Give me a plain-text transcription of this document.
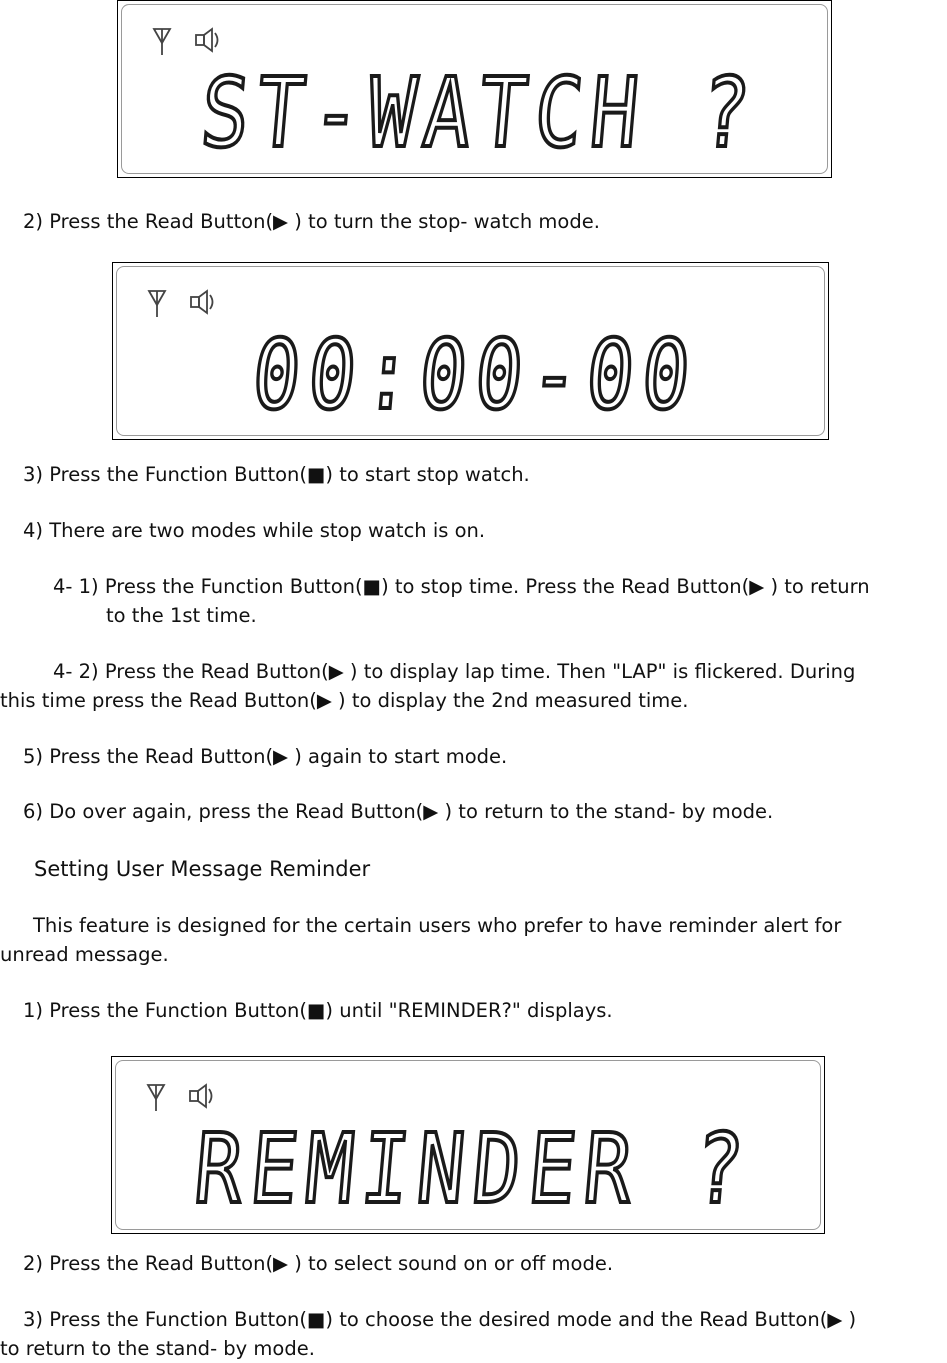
ST-WATCH ?
2) Press the Read Button(▶ ) to turn the stop- watch mode.
00:00-00
3) Press the Function Button(■) to start stop watch.
4) There are two modes while stop watch is on.
4- 1) Press the Function Button(■) to stop time. Press the Read Button(▶ ) to return
to the 1st time.
4- 2) Press the Read Button(▶ ) to display lap time. Then "LAP" is flickered. During
this time press the Read Button(▶ ) to display the 2nd measured time.
5) Press the Read Button(▶ ) again to start mode.
6) Do over again, press the Read Button(▶ ) to return to the stand- by mode.
Setting User Message Reminder
This feature is designed for the certain users who prefer to have reminder alert for
unread message.
1) Press the Function Button(■) until "REMINDER?" displays.
REMINDER ?
2) Press the Read Button(▶ ) to select sound on or off mode.
3) Press the Function Button(■) to choose the desired mode and the Read Button(▶ )
to return to the stand- by mode.
